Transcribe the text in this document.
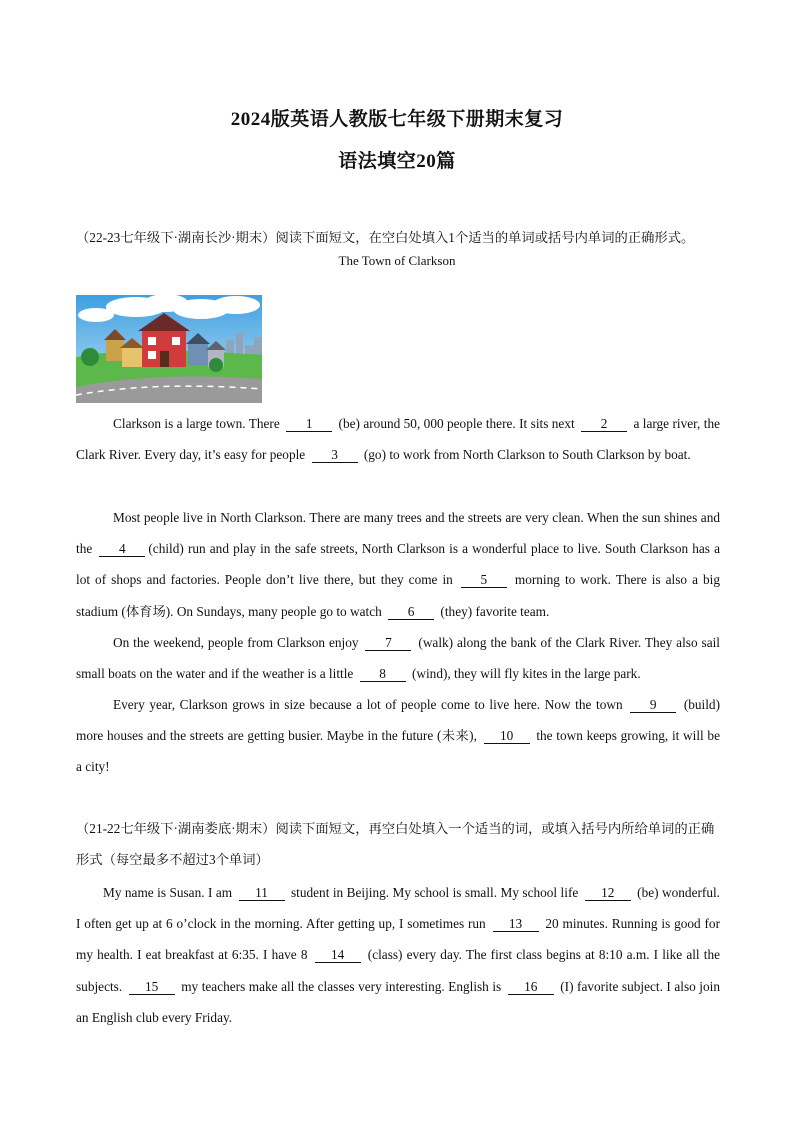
2024版英语人教版七年级下册期末复习
语法填空20篇
（22-23七年级下·湖南长沙·期末）阅读下面短文，在空白处填入1个适当的单词或括号内单词的正确形式。
The Town of Clarkson
Clarkson is a large town. There 1 (be) around 50, 000 people there. It sits next 2 a large river, the Clark River. Every day, it’s easy for people 3 (go) to work from North Clarkson to South Clarkson by boat.
Most people live in North Clarkson. There are many trees and the streets are very clean. When the sun shines and the 4 (child) run and play in the safe streets, North Clarkson is a wonderful place to live. South Clarkson has a lot of shops and factories. People don’t live there, but they come in 5 morning to work. There is also a big stadium (体育场). On Sundays, many people go to watch 6 (they) favorite team.
On the weekend, people from Clarkson enjoy 7 (walk) along the bank of the Clark River. They also sail small boats on the water and if the weather is a little 8 (wind), they will fly kites in the large park.
Every year, Clarkson grows in size because a lot of people come to live here. Now the town 9 (build) more houses and the streets are getting busier. Maybe in the future (未来), 10 the town keeps growing, it will be a city!
（21-22七年级下·湖南娄底·期末）阅读下面短文，再空白处填入一个适当的词，或填入括号内所给单词的正确形式（每空最多不超过3个单词）
My name is Susan. I am 11 student in Beijing. My school is small. My school life 12 (be) wonderful. I often get up at 6 o’clock in the morning. After getting up, I sometimes run 13 20 minutes. Running is good for my health. I eat breakfast at 6:35. I have 8 14 (class) every day. The first class begins at 8:10 a.m. I like all the subjects. 15 my teachers make all the classes very interesting. English is 16 (I) favorite subject. I also join an English club every Friday.
